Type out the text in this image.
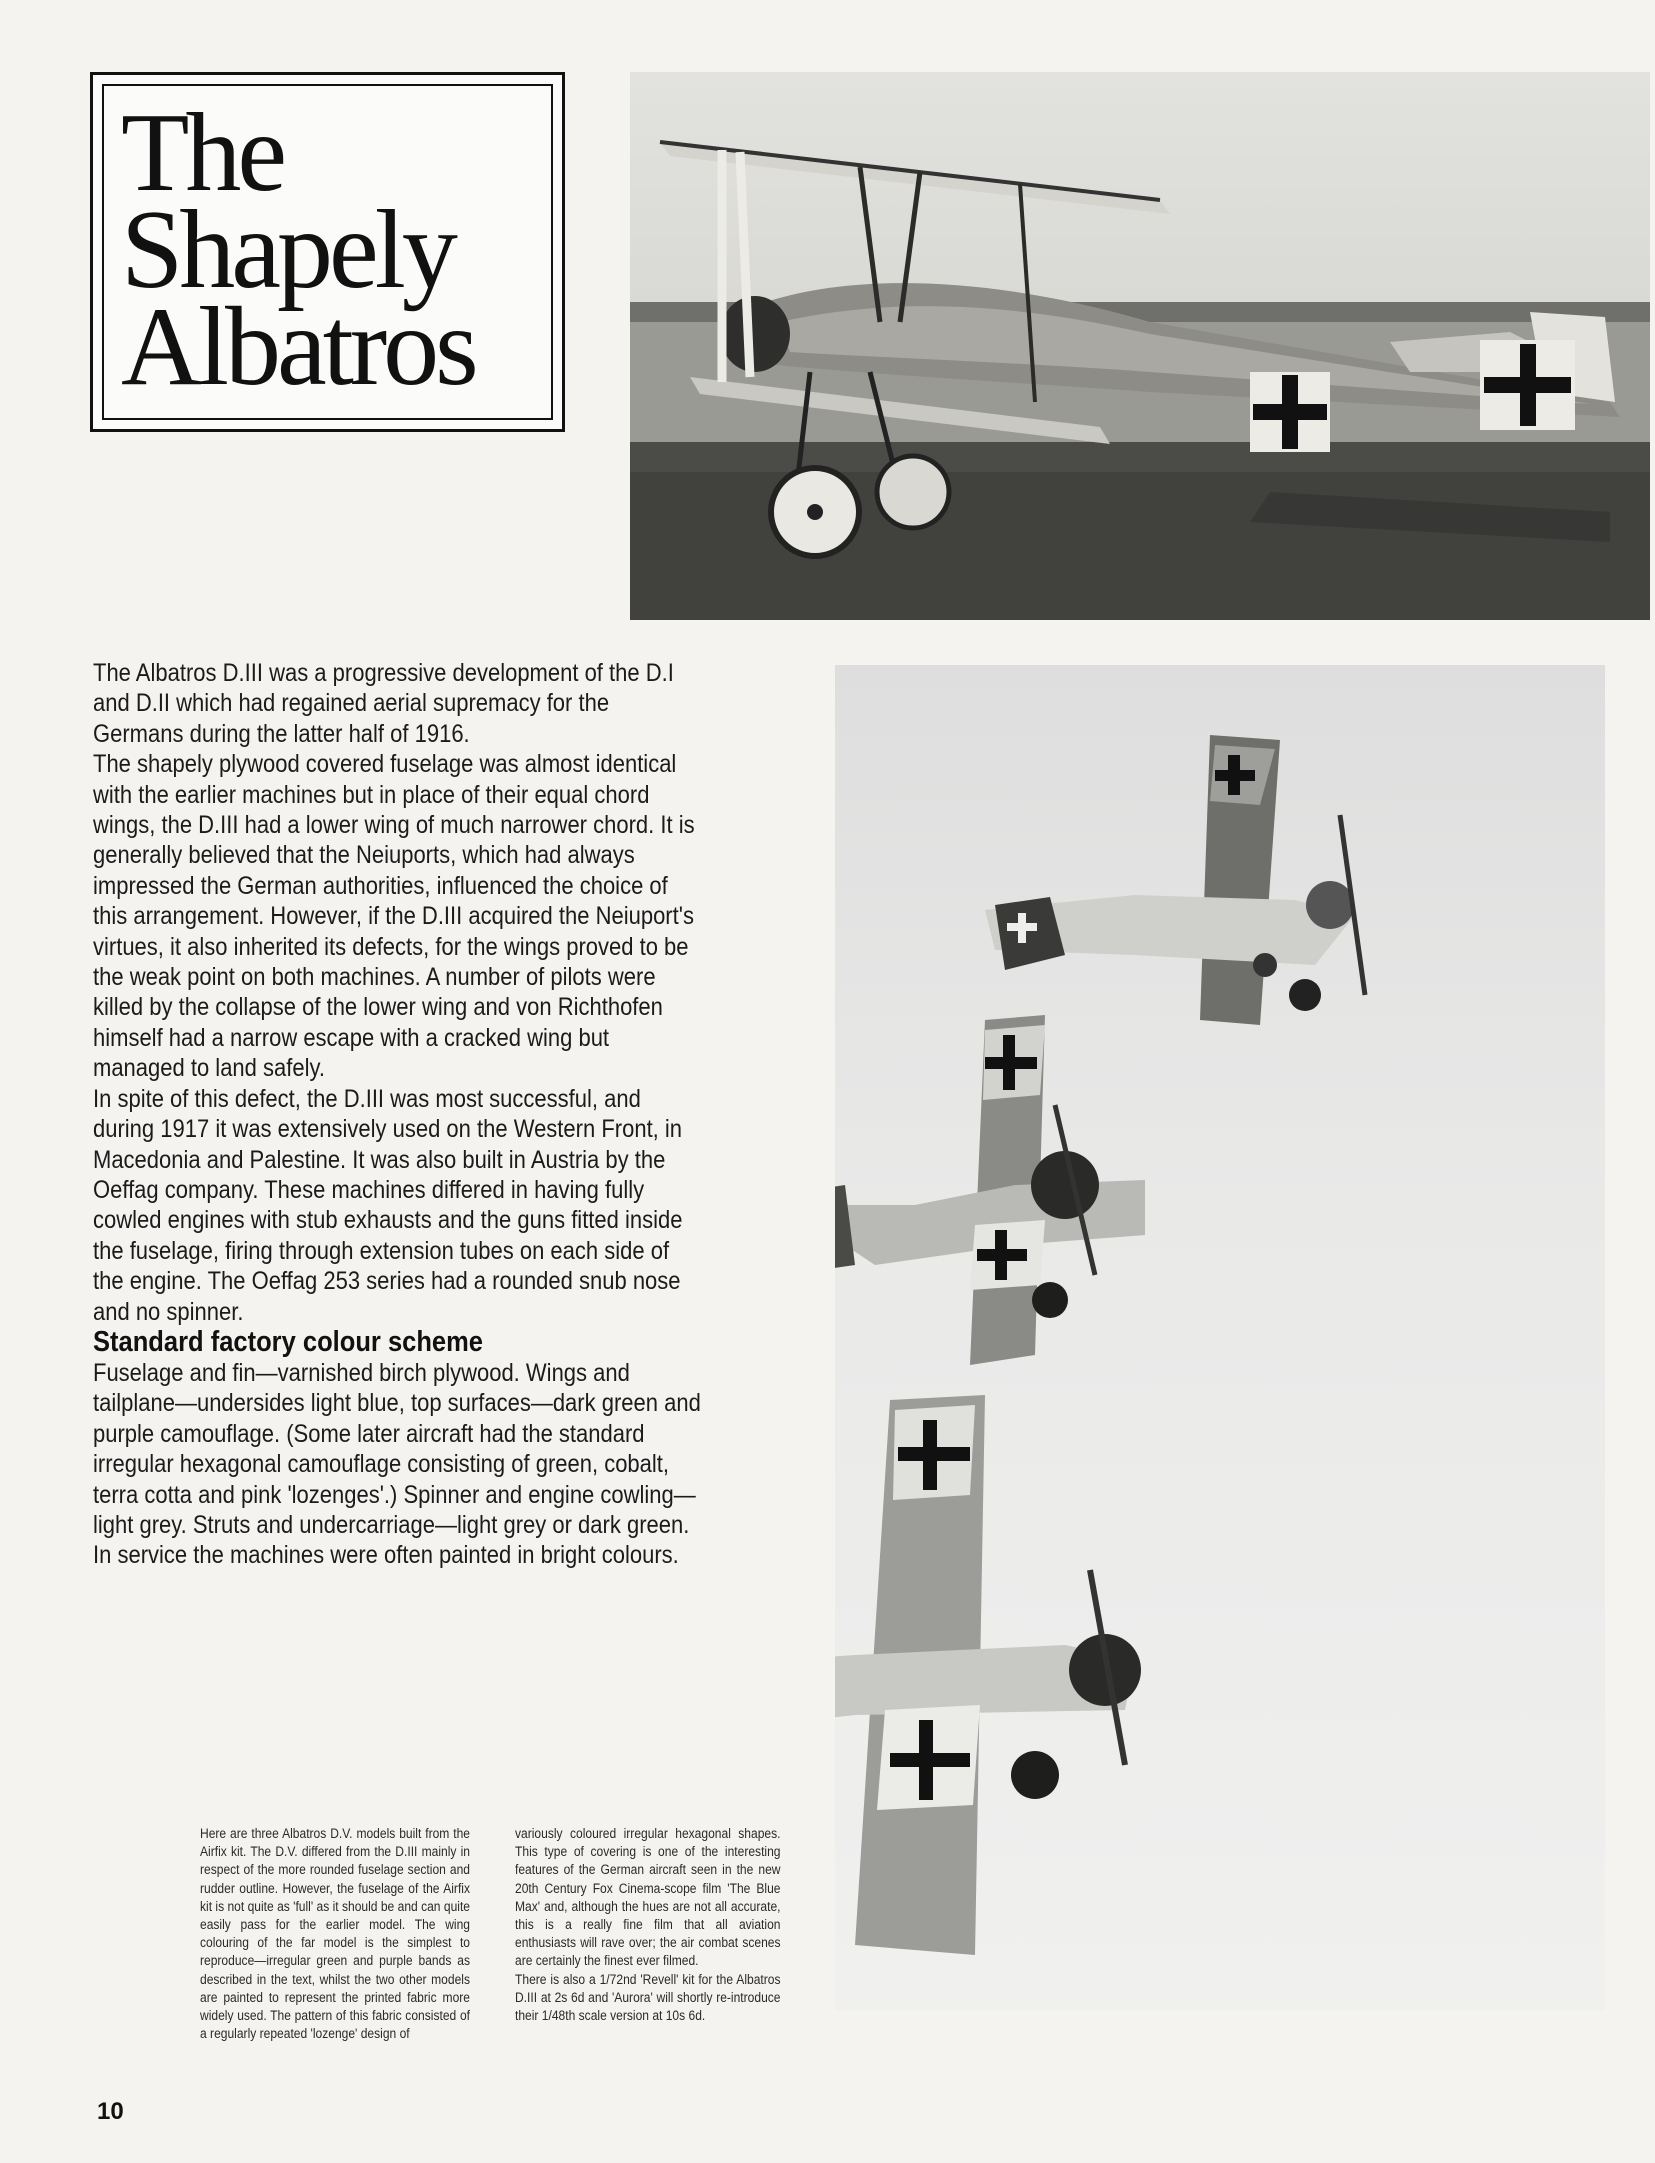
The
Shapely
Albatros

The Albatros D.III was a progressive development of the D.I and D.II which had regained aerial supremacy for the Germans during the latter half of 1916.

The shapely plywood covered fuselage was almost identical with the earlier machines but in place of their equal chord wings, the D.III had a lower wing of much narrower chord. It is generally believed that the Neiuports, which had always impressed the German authorities, influenced the choice of this arrangement. However, if the D.III acquired the Neiuport's virtues, it also inherited its defects, for the wings proved to be the weak point on both machines. A number of pilots were killed by the collapse of the lower wing and von Richthofen himself had a narrow escape with a cracked wing but managed to land safely.

In spite of this defect, the D.III was most successful, and during 1917 it was extensively used on the Western Front, in Macedonia and Palestine. It was also built in Austria by the Oeffag company. These machines differed in having fully cowled engines with stub exhausts and the guns fitted inside the fuselage, firing through extension tubes on each side of the engine. The Oeffag 253 series had a rounded snub nose and no spinner.

Standard factory colour scheme

Fuselage and fin—varnished birch plywood. Wings and tailplane—undersides light blue, top surfaces—dark green and purple camouflage. (Some later aircraft had the standard irregular hexagonal camouflage consisting of green, cobalt, terra cotta and pink 'lozenges'.) Spinner and engine cowling—light grey. Struts and undercarriage—light grey or dark green.

In service the machines were often painted in bright colours.

Here are three Albatros D.V. models built from the Airfix kit. The D.V. differed from the D.III mainly in respect of the more rounded fuselage section and rudder outline. However, the fuselage of the Airfix kit is not quite as 'full' as it should be and can quite easily pass for the earlier model. The wing colouring of the far model is the simplest to reproduce—irregular green and purple bands as described in the text, whilst the two other models are painted to represent the printed fabric more widely used. The pattern of this fabric consisted of a regularly repeated 'lozenge' design of

variously coloured irregular hexagonal shapes. This type of covering is one of the interesting features of the German aircraft seen in the new 20th Century Fox Cinema-scope film 'The Blue Max' and, although the hues are not all accurate, this is a really fine film that all aviation enthusiasts will rave over; the air combat scenes are certainly the finest ever filmed.

There is also a 1/72nd 'Revell' kit for the Albatros D.III at 2s 6d and 'Aurora' will shortly re-introduce their 1/48th scale version at 10s 6d.

10
